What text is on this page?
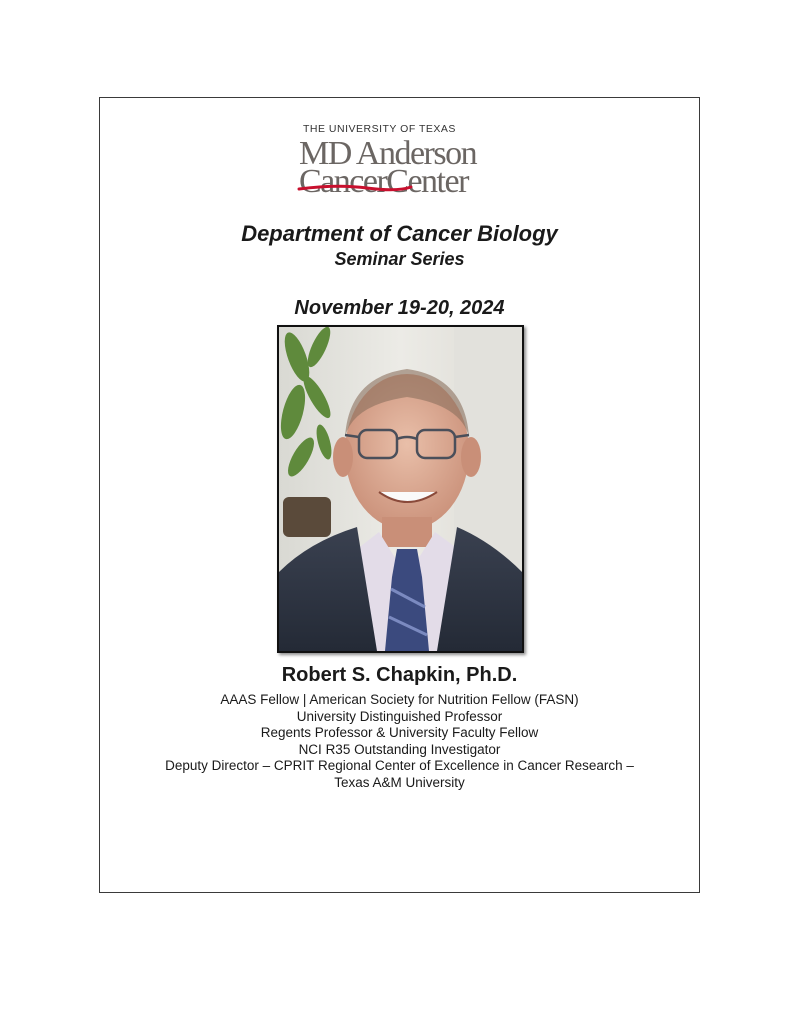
THE UNIVERSITY OF TEXAS
MD Anderson
Cancer
Center
Department of Cancer Biology
Seminar Series
November 19-20, 2024
Robert S. Chapkin, Ph.D.
AAAS Fellow | American Society for Nutrition Fellow (FASN)
University Distinguished Professor
Regents Professor & University Faculty Fellow
NCI R35 Outstanding Investigator
Deputy Director – CPRIT Regional Center of Excellence in Cancer Research –
Texas A&M University
